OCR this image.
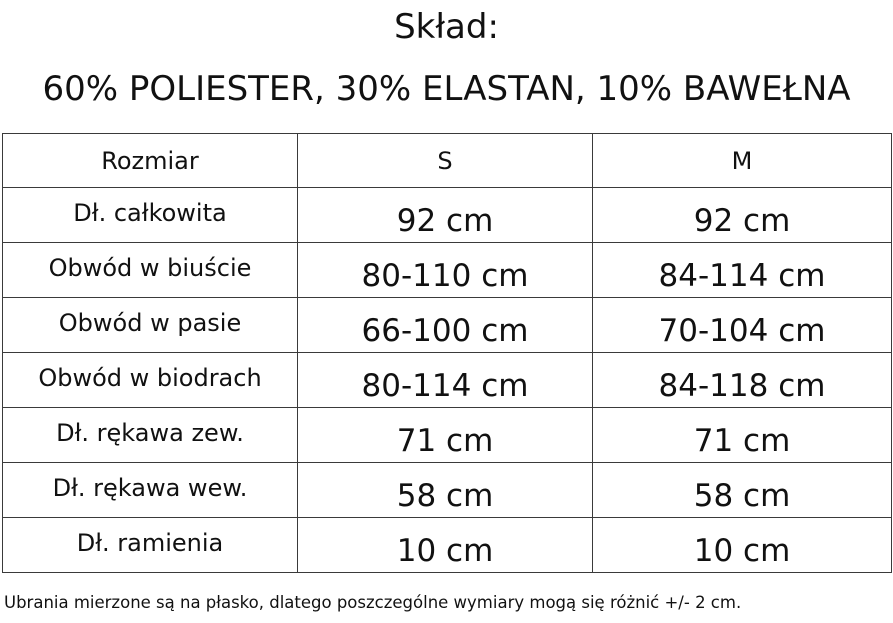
Skład:
60% POLIESTER, 30% ELASTAN, 10% BAWEŁNA
Rozmiar	S	M
Dł. całkowita	92 cm	92 cm
Obwód w biuście	80-110 cm	84-114 cm
Obwód w pasie	66-100 cm	70-104 cm
Obwód w biodrach	80-114 cm	84-118 cm
Dł. rękawa zew.	71 cm	71 cm
Dł. rękawa wew.	58 cm	58 cm
Dł. ramienia	10 cm	10 cm
Ubrania mierzone są na płasko, dlatego poszczególne wymiary mogą się różnić +/- 2 cm.
